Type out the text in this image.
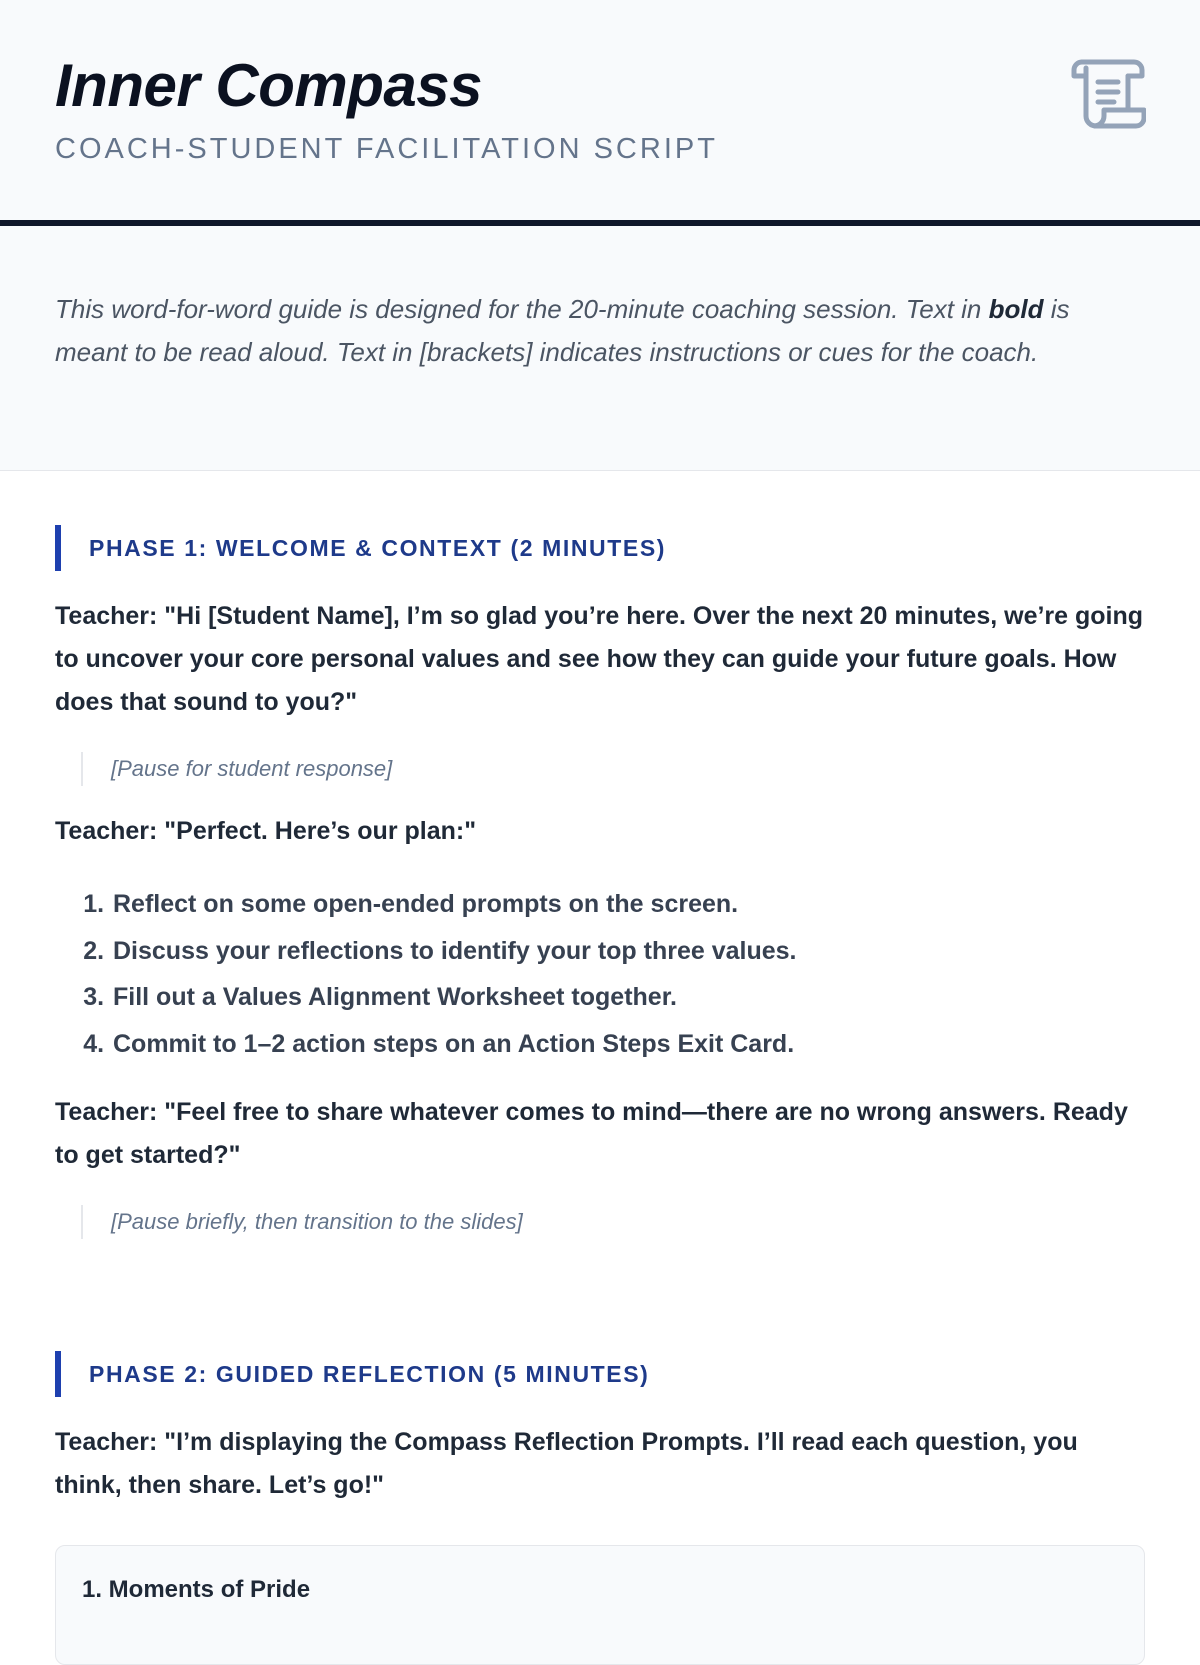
Inner Compass

COACH-STUDENT FACILITATION SCRIPT

This word-for-word guide is designed for the 20-minute coaching session. Text in bold is meant to be read aloud. Text in [brackets] indicates instructions or cues for the coach.

PHASE 1: WELCOME & CONTEXT (2 MINUTES)

Teacher: "Hi [Student Name], I’m so glad you’re here. Over the next 20 minutes, we’re going to uncover your core personal values and see how they can guide your future goals. How does that sound to you?"

[Pause for student response]

Teacher: "Perfect. Here’s our plan:"

1. Reflect on some open-ended prompts on the screen.
2. Discuss your reflections to identify your top three values.
3. Fill out a Values Alignment Worksheet together.
4. Commit to 1–2 action steps on an Action Steps Exit Card.

Teacher: "Feel free to share whatever comes to mind—there are no wrong answers. Ready to get started?"

[Pause briefly, then transition to the slides]
PHASE 2: GUIDED REFLECTION (5 MINUTES)

Teacher: "I’m displaying the Compass Reflection Prompts. I’ll read each question, you think, then share. Let’s go!"

1. Moments of Pride
